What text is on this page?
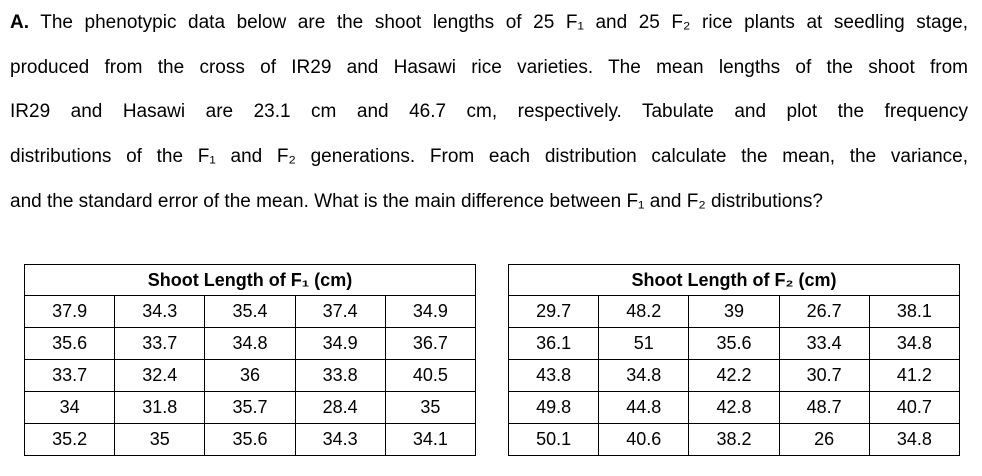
A. The phenotypic data below are the shoot lengths of 25 F₁ and 25 F₂ rice plants at seedling stage,
produced from the cross of IR29 and Hasawi rice varieties. The mean lengths of the shoot from
IR29 and Hasawi are 23.1 cm and 46.7 cm, respectively. Tabulate and plot the frequency
distributions of the F₁ and F₂ generations. From each distribution calculate the mean, the variance,
and the standard error of the mean. What is the main difference between F₁ and F₂ distributions?
Shoot Length of F₁ (cm)				
37.9	34.3	35.4	37.4	34.9
35.6	33.7	34.8	34.9	36.7
33.7	32.4	36	33.8	40.5
34	31.8	35.7	28.4	35
35.2	35	35.6	34.3	34.1
Shoot Length of F₂ (cm)				
29.7	48.2	39	26.7	38.1
36.1	51	35.6	33.4	34.8
43.8	34.8	42.2	30.7	41.2
49.8	44.8	42.8	48.7	40.7
50.1	40.6	38.2	26	34.8
